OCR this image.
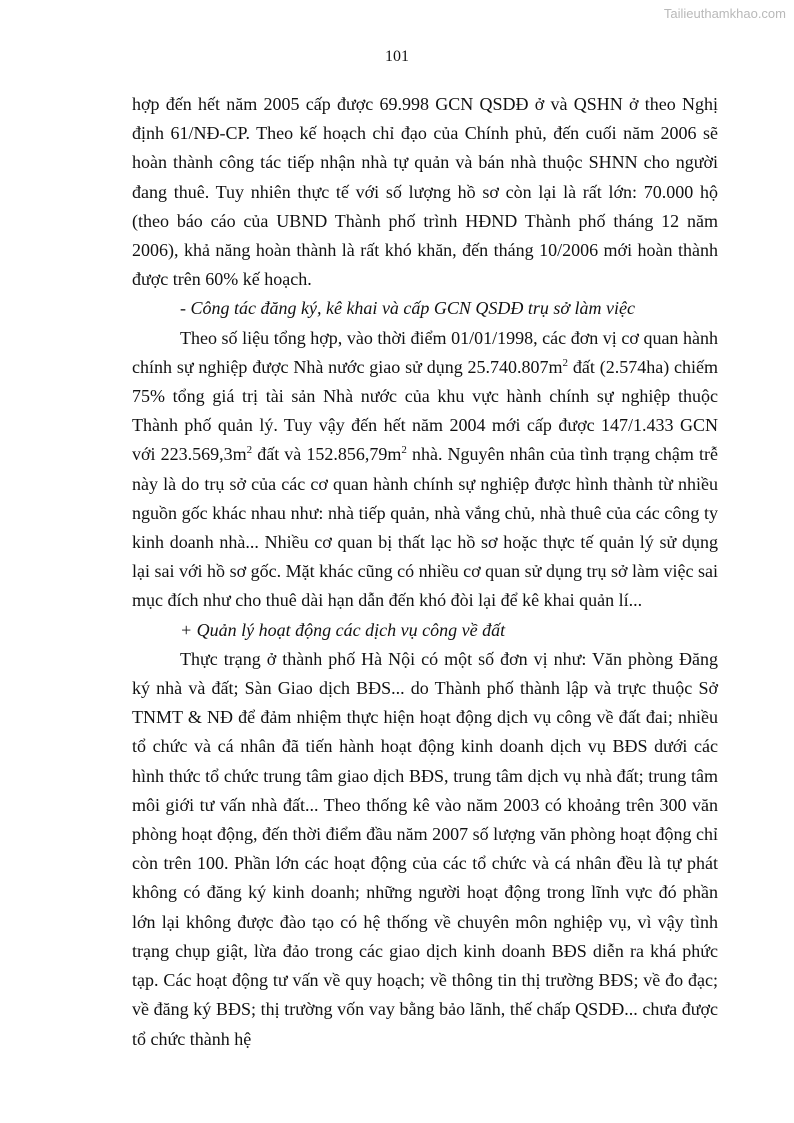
Tailieuthamkhao.com
101

hợp đến hết năm 2005 cấp được 69.998 GCN QSDĐ ở và QSHN ở theo Nghị định 61/NĐ-CP. Theo kế hoạch chỉ đạo của Chính phủ, đến cuối năm 2006 sẽ hoàn thành công tác tiếp nhận nhà tự quản và bán nhà thuộc SHNN cho người đang thuê. Tuy nhiên thực tế với số lượng hồ sơ còn lại là rất lớn: 70.000 hộ (theo báo cáo của UBND Thành phố trình HĐND Thành phố tháng 12 năm 2006), khả năng hoàn thành là rất khó khăn, đến tháng 10/2006 mới hoàn thành được trên 60% kế hoạch.

- Công tác đăng ký, kê khai và cấp GCN QSDĐ trụ sở làm việc

Theo số liệu tổng hợp, vào thời điểm 01/01/1998, các đơn vị cơ quan hành chính sự nghiệp được Nhà nước giao sử dụng $25.740.807m^2$ đất (2.574ha) chiếm 75% tổng giá trị tài sản Nhà nước của khu vực hành chính sự nghiệp thuộc Thành phố quản lý. Tuy vậy đến hết năm 2004 mới cấp được 147/1.433 GCN với $223.569,3m^2$ đất và $152.856,79m^2$ nhà. Nguyên nhân của tình trạng chậm trễ này là do trụ sở của các cơ quan hành chính sự nghiệp được hình thành từ nhiều nguồn gốc khác nhau như: nhà tiếp quản, nhà vắng chủ, nhà thuê của các công ty kinh doanh nhà... Nhiều cơ quan bị thất lạc hồ sơ hoặc thực tế quản lý sử dụng lại sai với hồ sơ gốc. Mặt khác cũng có nhiều cơ quan sử dụng trụ sở làm việc sai mục đích như cho thuê dài hạn dẫn đến khó đòi lại để kê khai quản lí...

+ Quản lý hoạt động các dịch vụ công về đất

Thực trạng ở thành phố Hà Nội có một số đơn vị như: Văn phòng Đăng ký nhà và đất; Sàn Giao dịch BĐS... do Thành phố thành lập và trực thuộc Sở TNMT & NĐ để đảm nhiệm thực hiện hoạt động dịch vụ công về đất đai; nhiều tổ chức và cá nhân đã tiến hành hoạt động kinh doanh dịch vụ BĐS dưới các hình thức tổ chức trung tâm giao dịch BĐS, trung tâm dịch vụ nhà đất; trung tâm môi giới tư vấn nhà đất... Theo thống kê vào năm 2003 có khoảng trên 300 văn phòng hoạt động, đến thời điểm đầu năm 2007 số lượng văn phòng hoạt động chỉ còn trên 100. Phần lớn các hoạt động của các tổ chức và cá nhân đều là tự phát không có đăng ký kinh doanh; những người hoạt động trong lĩnh vực đó phần lớn lại không được đào tạo có hệ thống về chuyên môn nghiệp vụ, vì vậy tình trạng chụp giật, lừa đảo trong các giao dịch kinh doanh BĐS diễn ra khá phức tạp. Các hoạt động tư vấn về quy hoạch; về thông tin thị trường BĐS; về đo đạc; về đăng ký BĐS; thị trường vốn vay bằng bảo lãnh, thế chấp QSDĐ... chưa được tổ chức thành hệ
